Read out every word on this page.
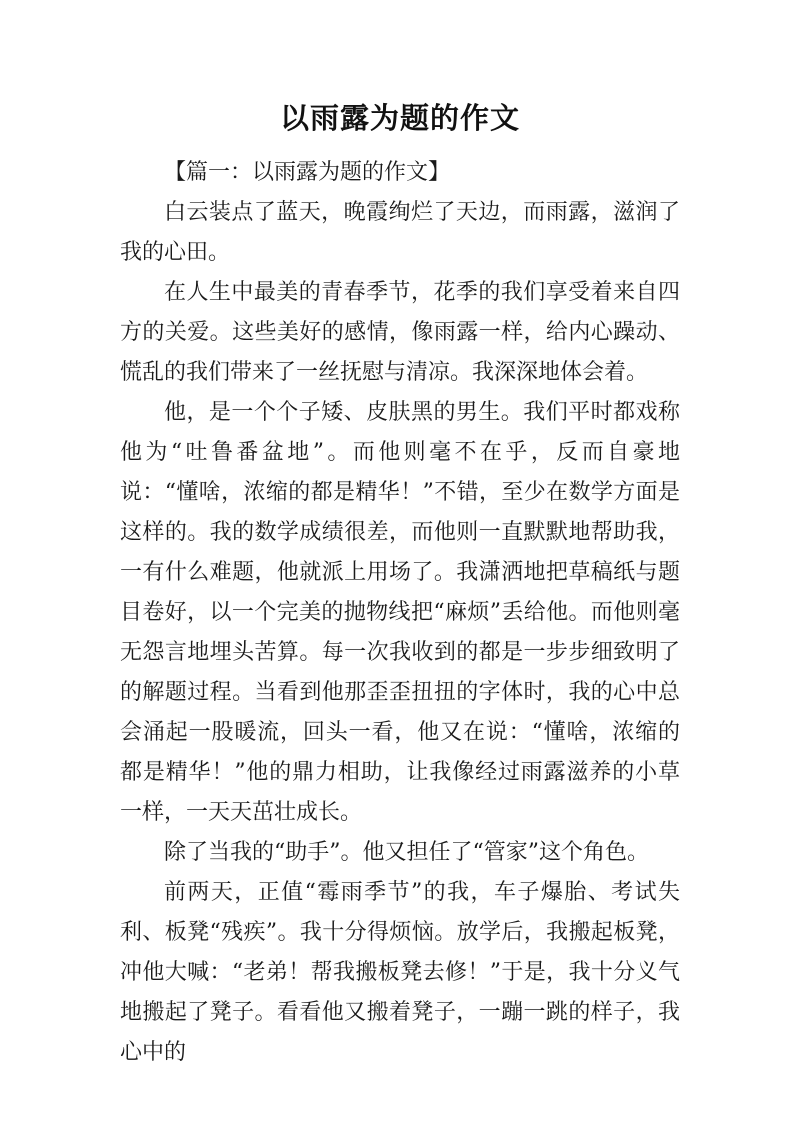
以雨露为题的作文

【篇一：以雨露为题的作文】

白云装点了蓝天，晚霞绚烂了天边，而雨露，滋润了我的心田。

在人生中最美的青春季节，花季的我们享受着来自四方的关爱。这些美好的感情，像雨露一样，给内心躁动、慌乱的我们带来了一丝抚慰与清凉。我深深地体会着。

他，是一个个子矮、皮肤黑的男生。我们平时都戏称他为“吐鲁番盆地”。而他则毫不在乎，反而自豪地说：“懂啥，浓缩的都是精华！”不错，至少在数学方面是这样的。我的数学成绩很差，而他则一直默默地帮助我，一有什么难题，他就派上用场了。我潇洒地把草稿纸与题目卷好，以一个完美的抛物线把“麻烦”丢给他。而他则毫无怨言地埋头苦算。每一次我收到的都是一步步细致明了的解题过程。当看到他那歪歪扭扭的字体时，我的心中总会涌起一股暖流，回头一看，他又在说：“懂啥，浓缩的都是精华！”他的鼎力相助，让我像经过雨露滋养的小草一样，一天天茁壮成长。

除了当我的“助手”。他又担任了“管家”这个角色。

前两天，正值“霉雨季节”的我，车子爆胎、考试失利、板凳“残疾”。我十分得烦恼。放学后，我搬起板凳，冲他大喊：“老弟！帮我搬板凳去修！”于是，我十分义气地搬起了凳子。看看他又搬着凳子，一蹦一跳的样子，我心中的
